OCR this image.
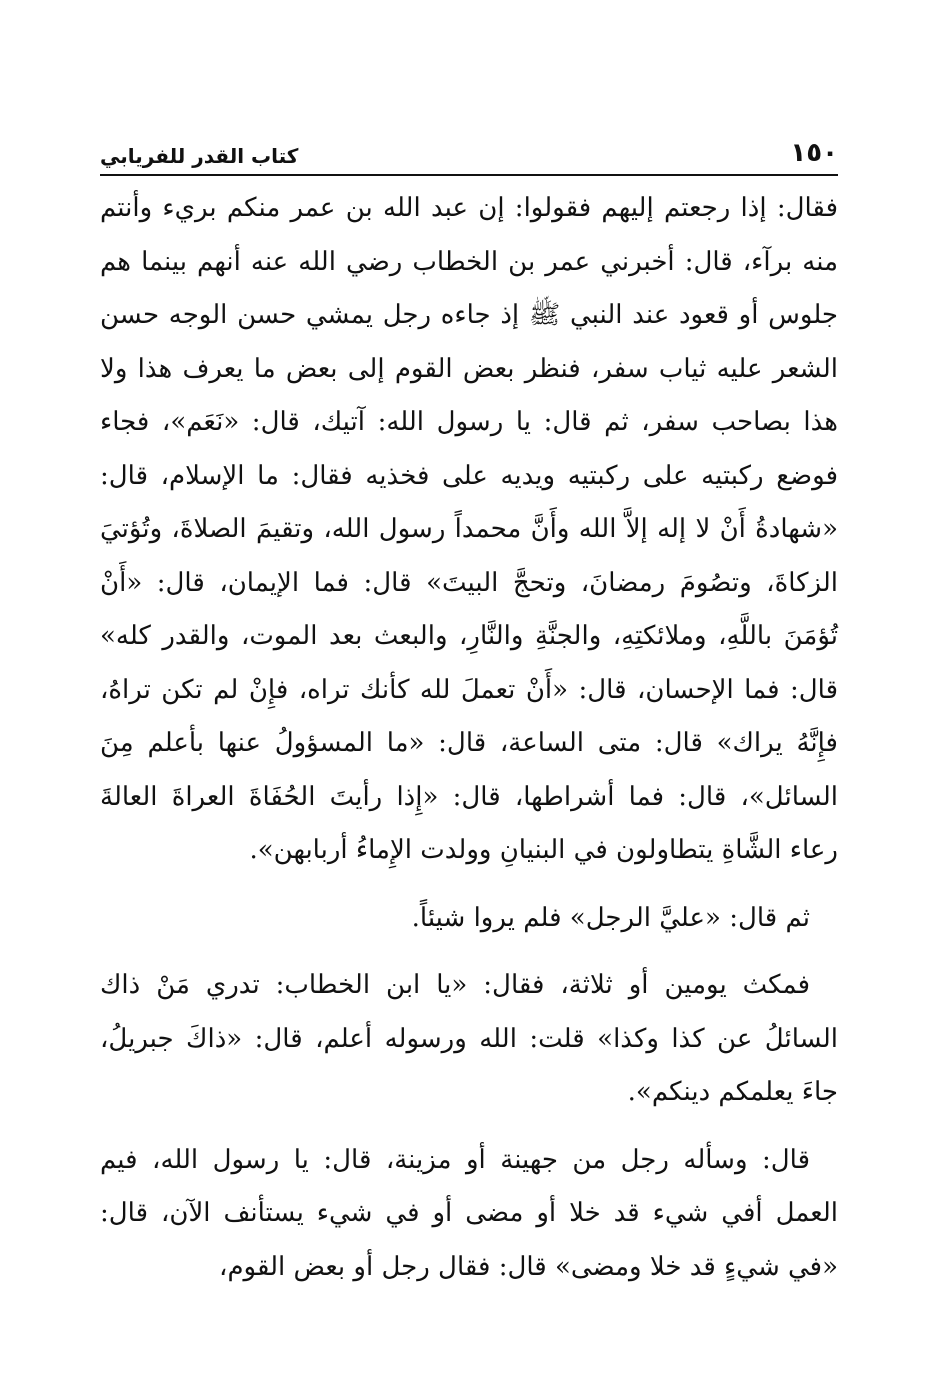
١٥٠
كتاب القدر للفريابي

فقال: إذا رجعتم إليهم فقولوا: إن عبد الله بن عمر منكم بريء وأنتم منه برآء، قال: أخبرني عمر بن الخطاب رضي الله عنه أنهم بينما هم جلوس أو قعود عند النبي ﷺ إذ جاءه رجل يمشي حسن الوجه حسن الشعر عليه ثياب سفر، فنظر بعض القوم إلى بعض ما يعرف هذا ولا هذا بصاحب سفر، ثم قال: يا رسول الله: آتيك، قال: «نَعَم»، فجاء فوضع ركبتيه على ركبتيه ويديه على فخذيه فقال: ما الإسلام، قال: «شهادةُ أَنْ لا إله إلاَّ الله وأَنَّ محمداً رسول الله، وتقيمَ الصلاةَ، وتُؤتيَ الزكاةَ، وتصُومَ رمضانَ، وتحجَّ البيتَ» قال: فما الإيمان، قال: «أَنْ تُؤمَنَ باللَّهِ، وملائكتِهِ، والجنَّةِ والنَّارِ، والبعث بعد الموت، والقدر كله» قال: فما الإحسان، قال: «أَنْ تعملَ لله كأنك تراه، فإِنْ لم تكن تراهُ، فإِنَّهُ يراك» قال: متى الساعة، قال: «ما المسؤولُ عنها بأعلم مِنَ السائل»، قال: فما أشراطها، قال: «إِذا رأيتَ الحُفَاةَ العراةَ العالةَ رعاء الشَّاةِ يتطاولون في البنيانِ وولدت الإِماءُ أربابهن».

ثم قال: «عليَّ الرجل» فلم يروا شيئاً.

فمكث يومين أو ثلاثة، فقال: «يا ابن الخطاب: تدري مَنْ ذاك السائلُ عن كذا وكذا» قلت: الله ورسوله أعلم، قال: «ذاكَ جبريلُ، جاءَ يعلمكم دينكم».

قال: وسأله رجل من جهينة أو مزينة، قال: يا رسول الله، فيم العمل أفي شيء قد خلا أو مضى أو في شيء يستأنف الآن، قال: «في شيءٍ قد خلا ومضى» قال: فقال رجل أو بعض القوم،
